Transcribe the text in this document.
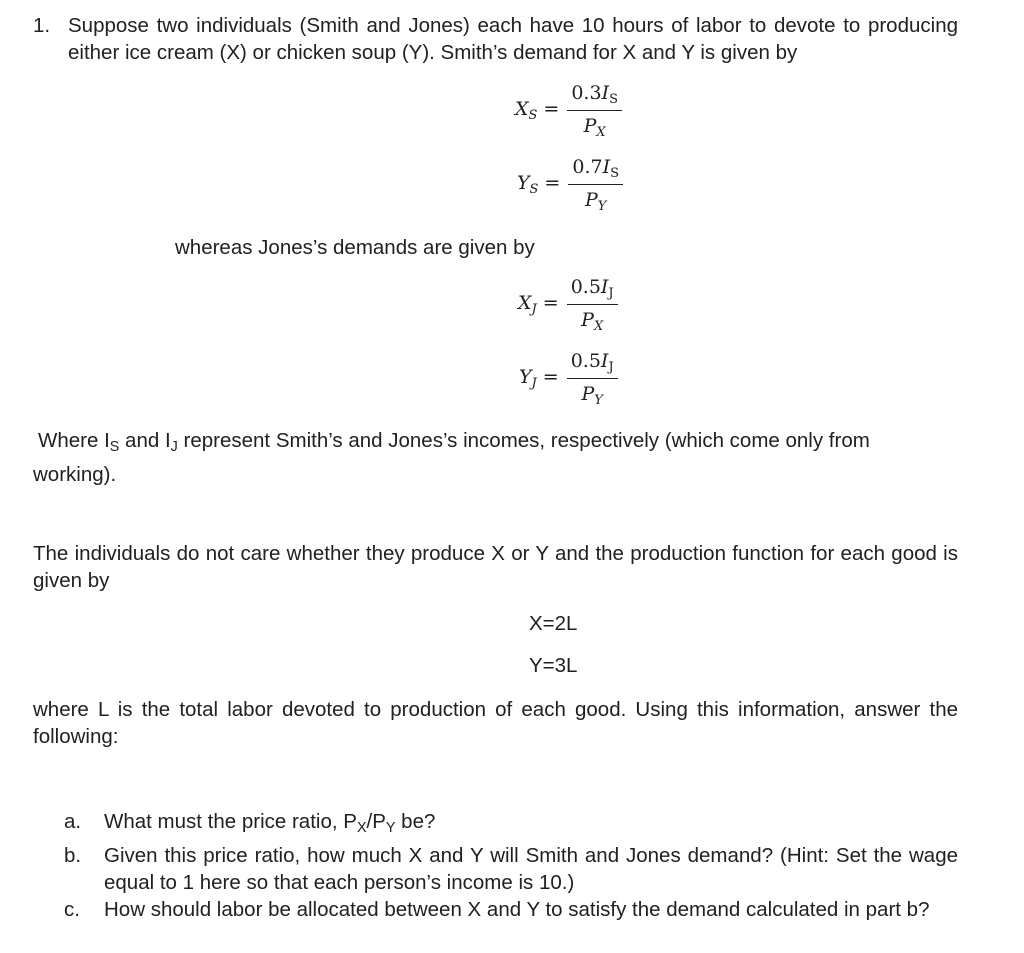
1. Suppose two individuals (Smith and Jones) each have 10 hours of labor to devote to producing either ice cream (X) or chicken soup (Y). Smith’s demand for X and Y is given by
$X_S = \frac{0.3I_S}{P_X}$
$Y_S = \frac{0.7I_S}{P_Y}$
whereas Jones’s demands are given by
$X_J = \frac{0.5I_J}{P_X}$
$Y_J = \frac{0.5I_J}{P_Y}$
Where IS and IJ represent Smith’s and Jones’s incomes, respectively (which come only from working).
The individuals do not care whether they produce X or Y and the production function for each good is given by
X=2L
Y=3L
where L is the total labor devoted to production of each good. Using this information, answer the following:
a.	What must the price ratio, PX/PY be?
b.	Given this price ratio, how much X and Y will Smith and Jones demand? (Hint: Set the wage equal to 1 here so that each person’s income is 10.)
c.	How should labor be allocated between X and Y to satisfy the demand calculated in part b?
